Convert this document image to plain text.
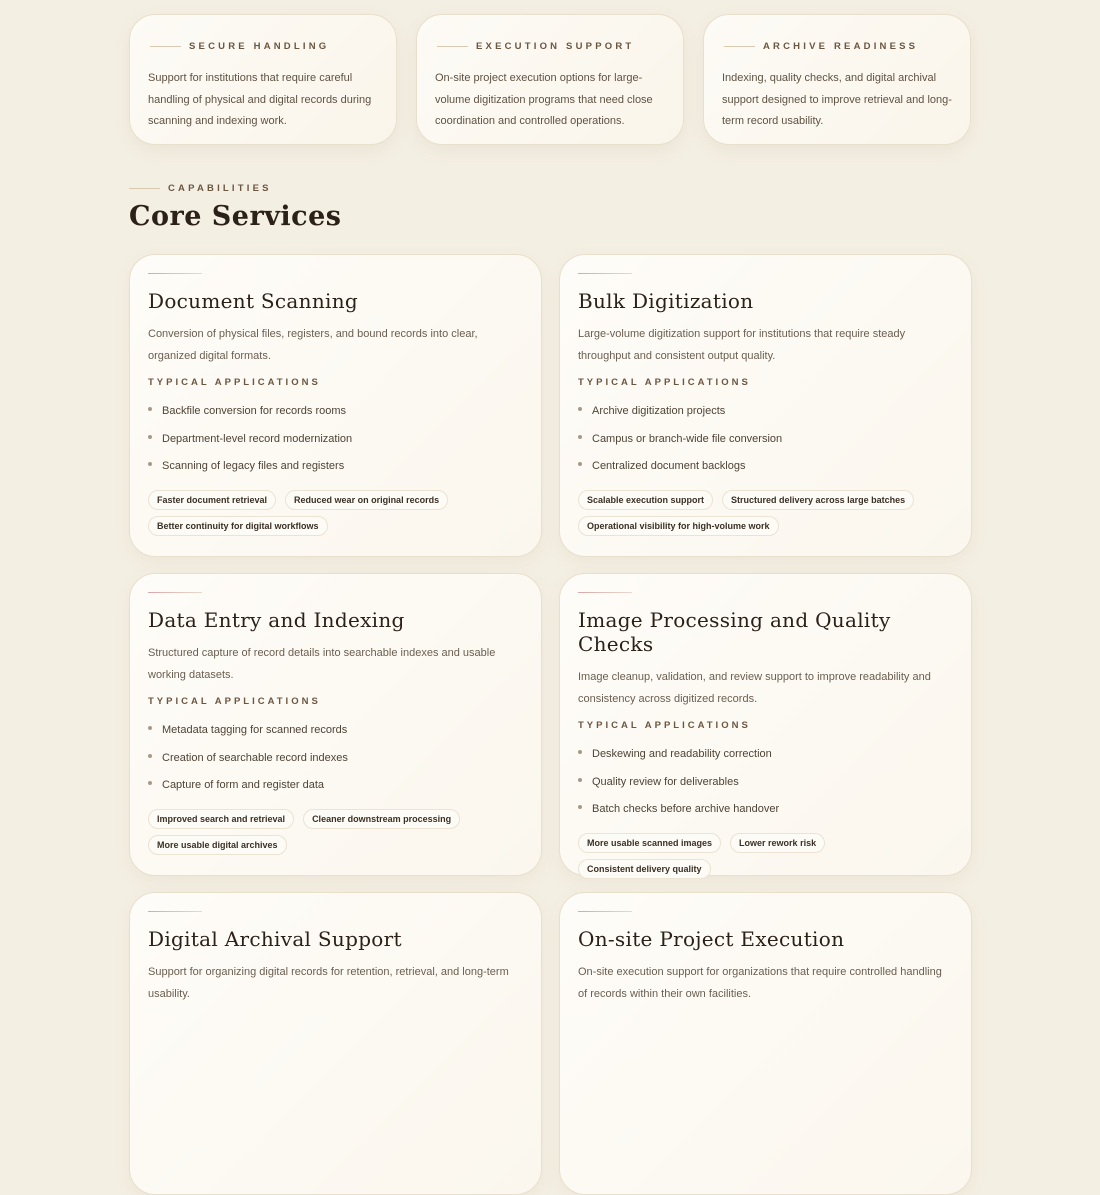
SECURE HANDLING

Support for institutions that require careful handling of physical and digital records during scanning and indexing work.

EXECUTION SUPPORT

On-site project execution options for large-volume digitization programs that need close coordination and controlled operations.

ARCHIVE READINESS

Indexing, quality checks, and digital archival support designed to improve retrieval and long-term record usability.

CAPABILITIES
Core Services
Document Scanning

Conversion of physical files, registers, and bound records into clear, organized digital formats.

TYPICAL APPLICATIONS
Backfile conversion for records rooms
Department-level record modernization
Scanning of legacy files and registers
Faster document retrieval	Reduced wear on original records
Better continuity for digital workflows
Bulk Digitization

Large-volume digitization support for institutions that require steady throughput and consistent output quality.

TYPICAL APPLICATIONS
Archive digitization projects
Campus or branch-wide file conversion
Centralized document backlogs
Scalable execution support	Structured delivery across large batches
Operational visibility for high-volume work
Data Entry and Indexing

Structured capture of record details into searchable indexes and usable working datasets.

TYPICAL APPLICATIONS
Metadata tagging for scanned records
Creation of searchable record indexes
Capture of form and register data
Improved search and retrieval	Cleaner downstream processing
More usable digital archives
Image Processing and Quality Checks

Image cleanup, validation, and review support to improve readability and consistency across digitized records.

TYPICAL APPLICATIONS
Deskewing and readability correction
Quality review for deliverables
Batch checks before archive handover
More usable scanned images	Lower rework risk
Consistent delivery quality
Digital Archival Support

Support for organizing digital records for retention, retrieval, and long-term usability.

On-site Project Execution

On-site execution support for organizations that require controlled handling of records within their own facilities.
